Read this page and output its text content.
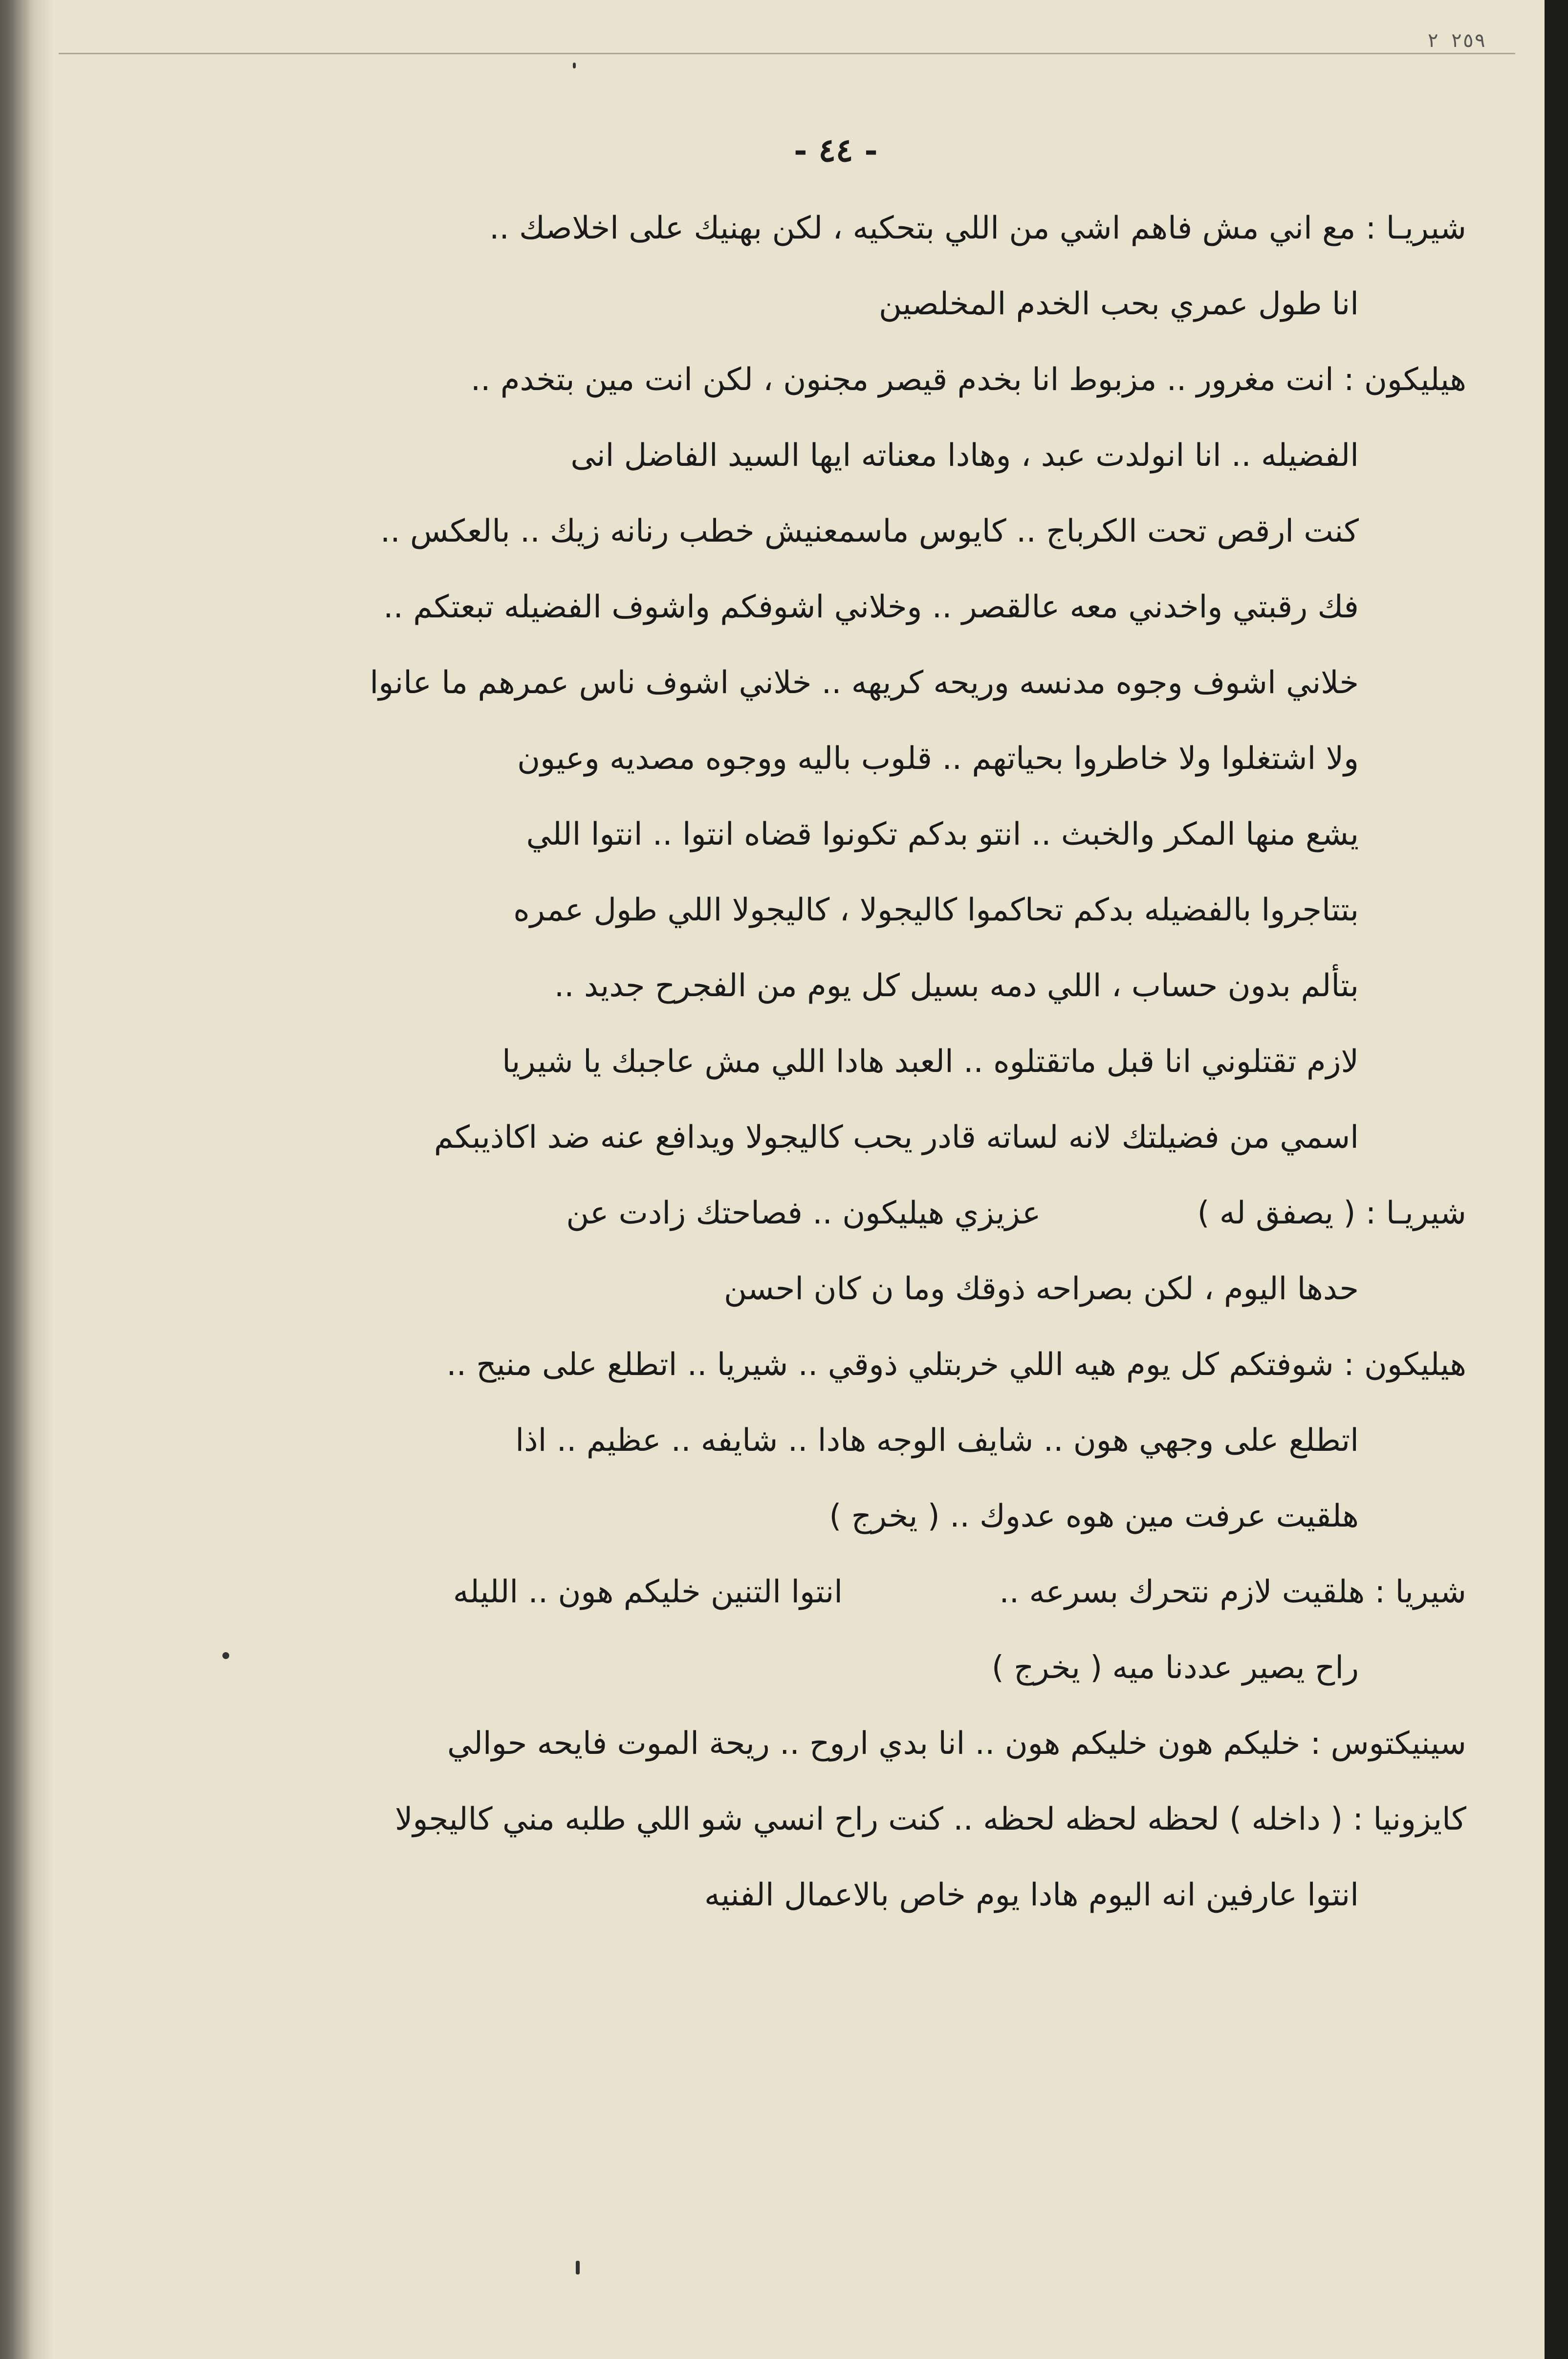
٢٥٩ ٢
- ٤٤ -
شيريـا : مع اني مش فاهم اشي من اللي بتحكيه ، لكن بهنيك على اخلاصك ..
انا طول عمري بحب الخدم المخلصين
هيليكون : انت مغرور .. مزبوط انا بخدم قيصر مجنون ، لكن انت مين بتخدم ..
الفضيله .. انا انولدت عبد ، وهادا معناته ايها السيد الفاضل انى
كنت ارقص تحت الكرباج .. كايوس ماسمعنيش خطب رنانه زيك .. بالعكس ..
فك رقبتي واخدني معه عالقصر .. وخلاني اشوفكم واشوف الفضيله تبعتكم ..
خلاني اشوف وجوه مدنسه وريحه كريهه .. خلاني اشوف ناس عمرهم ما عانوا
ولا اشتغلوا ولا خاطروا بحياتهم .. قلوب باليه ووجوه مصديه وعيون
يشع منها المكر والخبث .. انتو بدكم تكونوا قضاه انتوا .. انتوا اللي
بتتاجروا بالفضيله بدكم تحاكموا كاليجولا ، كاليجولا اللي طول عمره
بتألم بدون حساب ، اللي دمه بسيل كل يوم من الفجرح جديد ..
لازم تقتلوني انا قبل ماتقتلوه .. العبد هادا اللي مش عاجبك يا شيريا
اسمي من فضيلتك لانه لساته قادر يحب كاليجولا ويدافع عنه ضد اكاذيبكم
شيريـا : ( يصفق له ) عزيزي هيليكون .. فصاحتك زادت عن
حدها اليوم ، لكن بصراحه ذوقك وما ن كان احسن
هيليكون : شوفتكم كل يوم هيه اللي خربتلي ذوقي .. شيريا .. اتطلع على منيح ..
اتطلع على وجهي هون .. شايف الوجه هادا .. شايفه .. عظيم .. اذا
هلقيت عرفت مين هوه عدوك .. ( يخرج )
شيريا : هلقيت لازم نتحرك بسرعه .. انتوا التنين خليكم هون .. الليله
راح يصير عددنا ميه ( يخرج )
سينيكتوس : خليكم هون خليكم هون .. انا بدي اروح .. ريحة الموت فايحه حوالي
كايزونيا : ( داخله ) لحظه لحظه لحظه .. كنت راح انسي شو اللي طلبه مني كاليجولا
انتوا عارفين انه اليوم هادا يوم خاص بالاعمال الفنيه
